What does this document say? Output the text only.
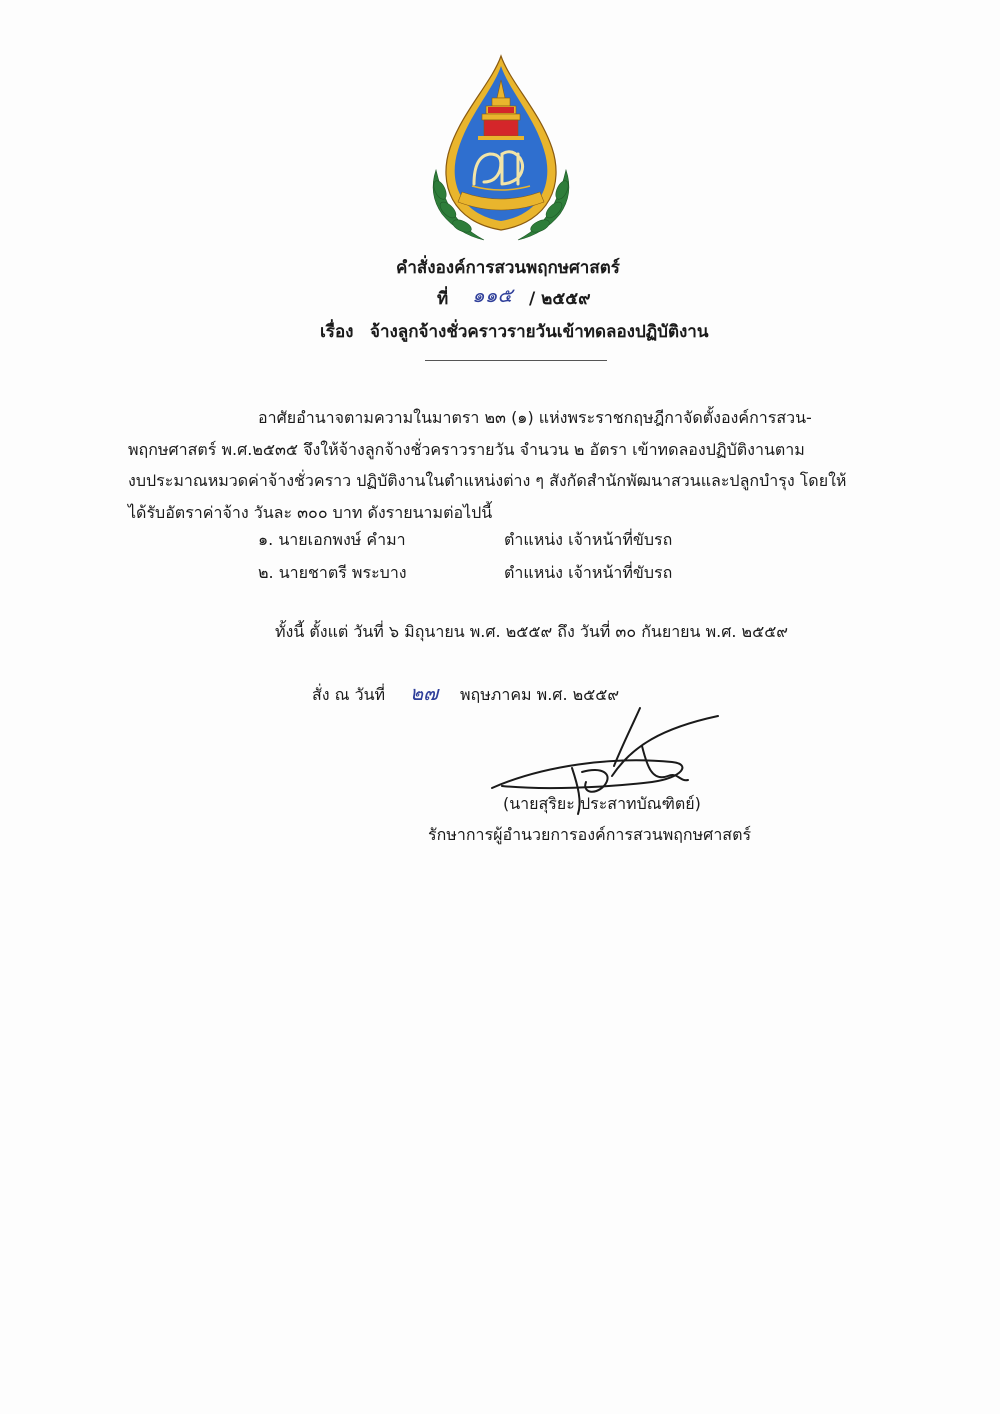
คำสั่งองค์การสวนพฤกษศาสตร์
ที่ ๑๑๕ / ๒๕๕๙
เรื่อง จ้างลูกจ้างชั่วคราวรายวันเข้าทดลองปฏิบัติงาน
อาศัยอำนาจตามความในมาตรา ๒๓ (๑) แห่งพระราชกฤษฎีกาจัดตั้งองค์การสวน-
พฤกษศาสตร์ พ.ศ.๒๕๓๕ จึงให้จ้างลูกจ้างชั่วคราวรายวัน จำนวน ๒ อัตรา เข้าทดลองปฏิบัติงานตาม
งบประมาณหมวดค่าจ้างชั่วคราว ปฏิบัติงานในตำแหน่งต่าง ๆ สังกัดสำนักพัฒนาสวนและปลูกบำรุง โดยให้
ได้รับอัตราค่าจ้าง วันละ ๓๐๐ บาท ดังรายนามต่อไปนี้
๑. นายเอกพงษ์ คำมา	ตำแหน่ง เจ้าหน้าที่ขับรถ
๒. นายชาตรี พระบาง	ตำแหน่ง เจ้าหน้าที่ขับรถ
ทั้งนี้ ตั้งแต่ วันที่ ๖ มิถุนายน พ.ศ. ๒๕๕๙ ถึง วันที่ ๓๐ กันยายน พ.ศ. ๒๕๕๙
สั่ง ณ วันที่ ๒๗ พฤษภาคม พ.ศ. ๒๕๕๙
(นายสุริยะ ประสาทบัณฑิตย์)
รักษาการผู้อำนวยการองค์การสวนพฤกษศาสตร์
